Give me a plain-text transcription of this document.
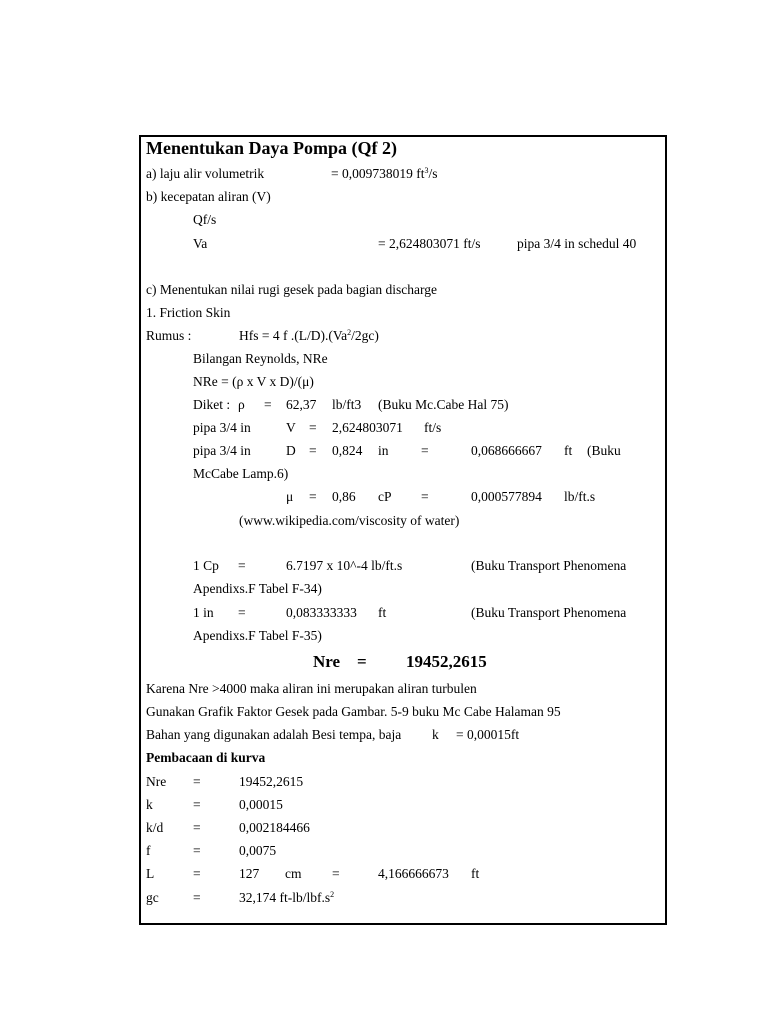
Menentukan Daya Pompa (Qf 2)
a) laju alir volumetrik	= 0,009738019 $ft^3/s$
b) kecepatan aliran (V)
Qf/s
Va	= 2,624803071 ft/s	pipa 3/4 in schedul 40
c) Menentukan nilai rugi gesek pada bagian discharge
1. Friction Skin
Rumus :	Hfs = 4 f .(L/D).(Va$^2$/2gc)
Bilangan Reynolds, NRe
NRe = (ρ x V x D)/(μ)
Diket : ρ = 62,37 lb/ft3 (Buku Mc.Cabe Hal 75)
pipa 3/4 in	V = 2,624803071 ft/s
pipa 3/4 in	D = 0,824 in =	0,068666667 ft (Buku
McCabe Lamp.6)
μ = 0,86 cP =	0,000577894 lb/ft.s
(www.wikipedia.com/viscosity of water)
1 Cp =	6.7197 x 10^-4 lb/ft.s	(Buku Transport Phenomena
Apendixs.F Tabel F-34)
1 in =	0,083333333 ft	(Buku Transport Phenomena
Apendixs.F Tabel F-35)
Nre = 19452,2615
Karena Nre >4000 maka aliran ini merupakan aliran turbulen
Gunakan Grafik Faktor Gesek pada Gambar. 5-9 buku Mc Cabe Halaman 95
Bahan yang digunakan adalah Besi tempa, baja k = 0,00015ft
Pembacaan di kurva
Nre =	19452,2615
k	=	0,00015
k/d =	0,002184466
f	=	0,0075
L	=	127 cm =	4,166666673 ft
gc	=	32,174 $ft-lb/lbf.s^2$
